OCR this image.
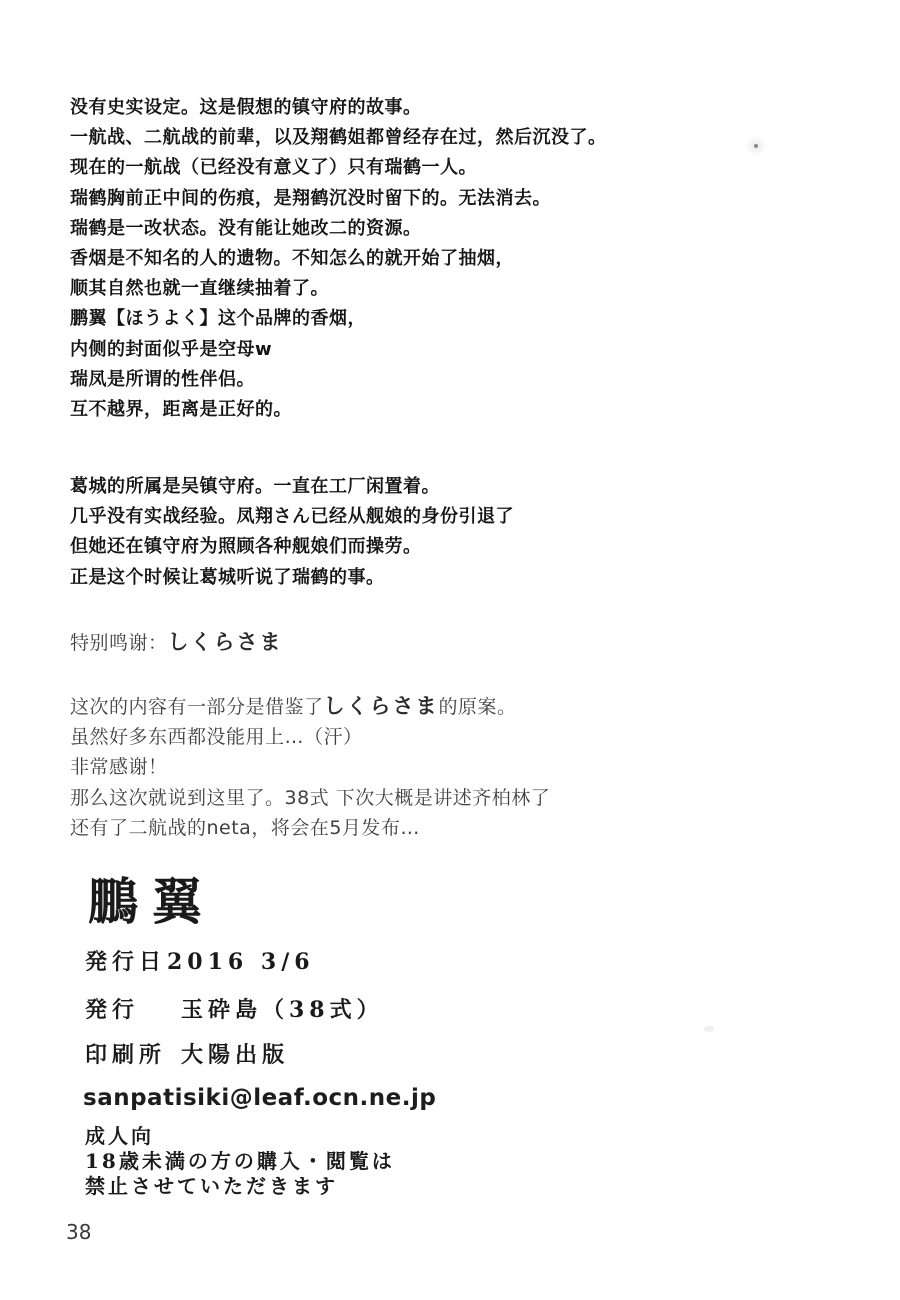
没有史实设定。这是假想的镇守府的故事。
一航战、二航战的前辈，以及翔鹤姐都曾经存在过，然后沉没了。
现在的一航战（已经没有意义了）只有瑞鹤一人。
瑞鹤胸前正中间的伤痕，是翔鹤沉没时留下的。无法消去。
瑞鹤是一改状态。没有能让她改二的资源。
香烟是不知名的人的遗物。不知怎么的就开始了抽烟，
顺其自然也就一直继续抽着了。
鹏翼【ほうよく】这个品牌的香烟，
内侧的封面似乎是空母w
瑞凤是所谓的性伴侣。
互不越界，距离是正好的。
葛城的所属是吴镇守府。一直在工厂闲置着。
几乎没有实战经验。凤翔さん已经从舰娘的身份引退了
但她还在镇守府为照顾各种舰娘们而操劳。
正是这个时候让葛城听说了瑞鹤的事。
特别鸣谢：しくらさま
这次的内容有一部分是借鉴了しくらさま的原案。
虽然好多东西都没能用上…（汗）
非常感谢！
那么这次就说到这里了。38式 下次大概是讲述齐柏林了
还有了二航战的neta，将会在5月发布…
鵬翼
発行日 2016 3/6
発行	玉砕島（38式）
印刷所 大陽出版
sanpatisiki@leaf.ocn.ne.jp
成人向
18歳未満の方の購入・閲覧は
禁止させていただきます
38
